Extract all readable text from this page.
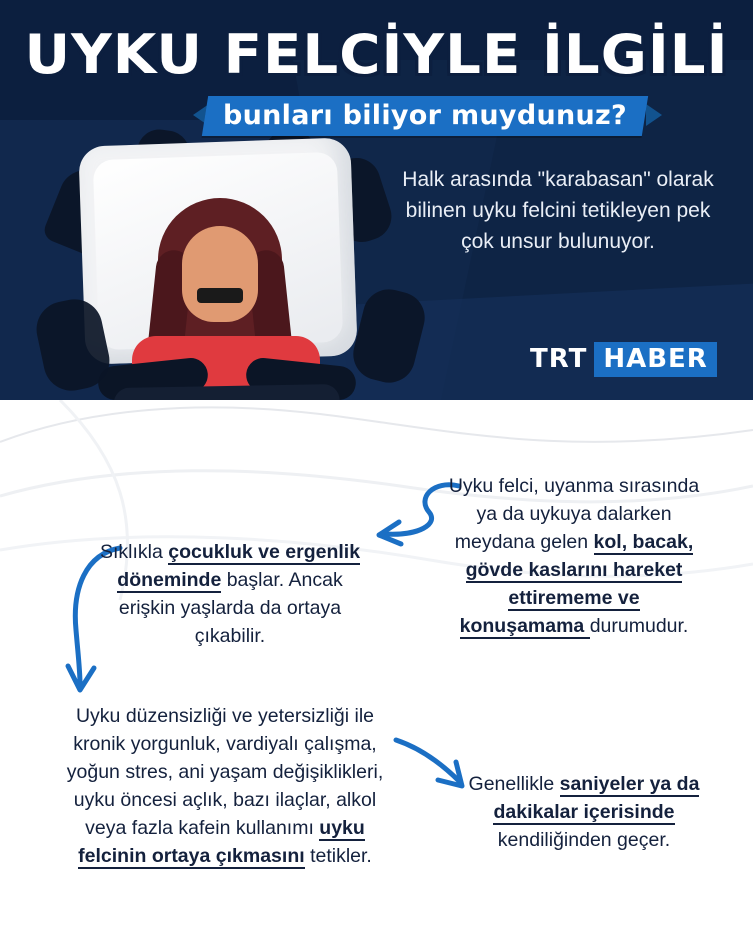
UYKU FELCİYLE İLGİLİ
bunları biliyor muydunuz?
Halk arasında "karabasan" olarak bilinen uyku felcini tetikleyen pek çok unsur bulunuyor.
TRT HABER
Uyku felci, uyanma sırasında ya da uykuya dalarken meydana gelen kol, bacak, gövde kaslarını hareket ettirememe ve konuşamama durumudur.
Sıklıkla çocukluk ve ergenlik döneminde başlar. Ancak erişkin yaşlarda da ortaya çıkabilir.
Uyku düzensizliği ve yetersizliği ile kronik yorgunluk, vardiyalı çalışma, yoğun stres, ani yaşam değişiklikleri, uyku öncesi açlık, bazı ilaçlar, alkol veya fazla kafein kullanımı uyku felcinin ortaya çıkmasını tetikler.
Genellikle saniyeler ya da dakikalar içerisinde kendiliğinden geçer.
